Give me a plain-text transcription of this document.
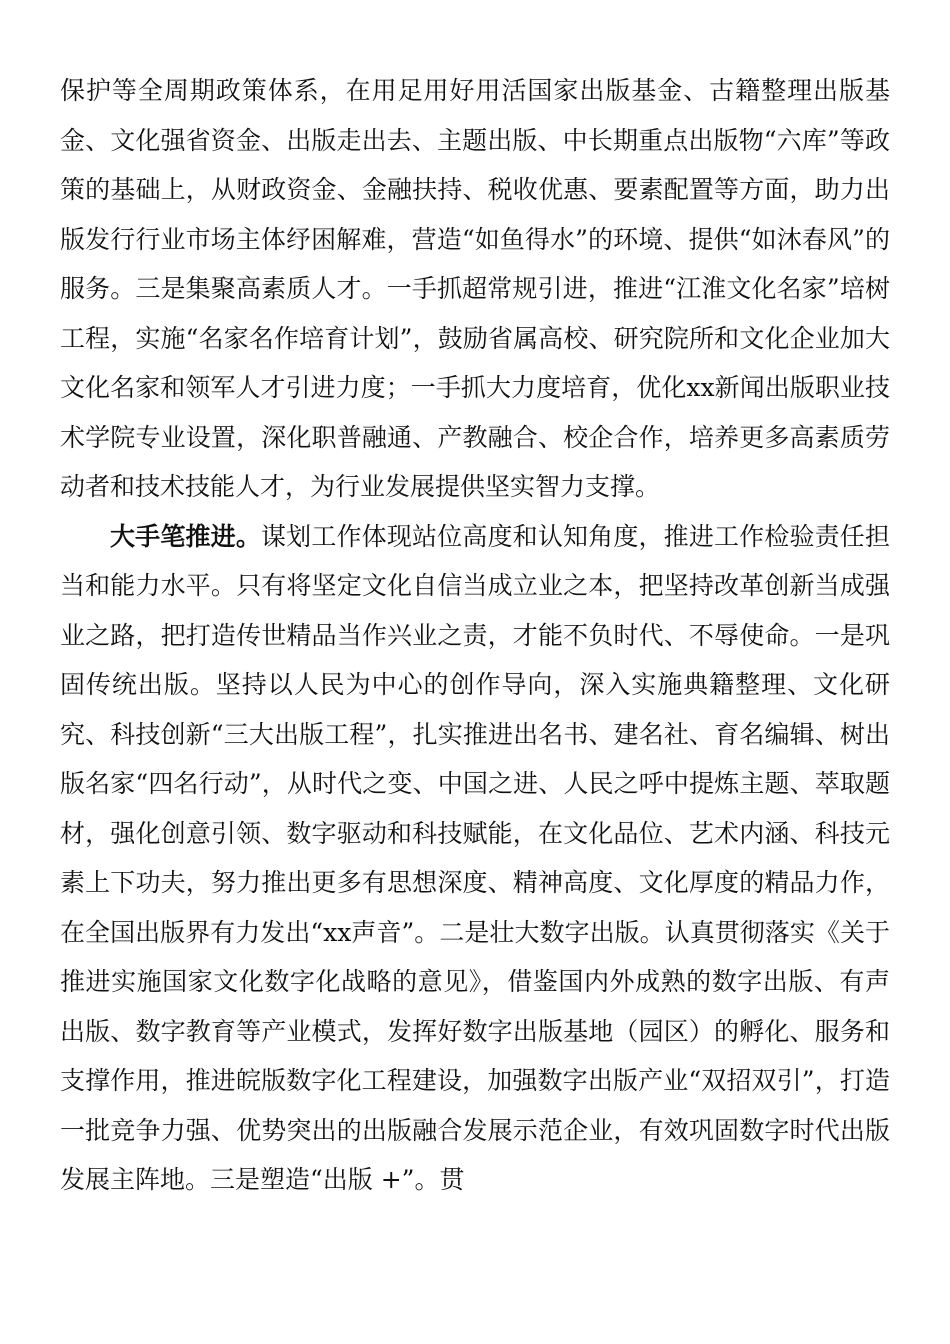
保护等全周期政策体系，在用足用好用活国家出版基金、古籍整理出版基金、文化强省资金、出版走出去、主题出版、中长期重点出版物“六库”等政策的基础上，从财政资金、金融扶持、税收优惠、要素配置等方面，助力出版发行行业市场主体纾困解难，营造“如鱼得水”的环境、提供“如沐春风”的服务。三是集聚高素质人才。一手抓超常规引进，推进“江淮文化名家”培树工程，实施“名家名作培育计划”，鼓励省属高校、研究院所和文化企业加大文化名家和领军人才引进力度；一手抓大力度培育，优化xx新闻出版职业技术学院专业设置，深化职普融通、产教融合、校企合作，培养更多高素质劳动者和技术技能人才，为行业发展提供坚实智力支撑。

大手笔推进。谋划工作体现站位高度和认知角度，推进工作检验责任担当和能力水平。只有将坚定文化自信当成立业之本，把坚持改革创新当成强业之路，把打造传世精品当作兴业之责，才能不负时代、不辱使命。一是巩固传统出版。坚持以人民为中心的创作导向，深入实施典籍整理、文化研究、科技创新“三大出版工程”，扎实推进出名书、建名社、育名编辑、树出版名家“四名行动”，从时代之变、中国之进、人民之呼中提炼主题、萃取题材，强化创意引领、数字驱动和科技赋能，在文化品位、艺术内涵、科技元素上下功夫，努力推出更多有思想深度、精神高度、文化厚度的精品力作，在全国出版界有力发出“xx声音”。二是壮大数字出版。认真贯彻落实《关于推进实施国家文化数字化战略的意见》，借鉴国内外成熟的数字出版、有声出版、数字教育等产业模式，发挥好数字出版基地（园区）的孵化、服务和支撑作用，推进皖版数字化工程建设，加强数字出版产业“双招双引”，打造一批竞争力强、优势突出的出版融合发展示范企业，有效巩固数字时代出版发展主阵地。三是塑造“出版 +”。贯
